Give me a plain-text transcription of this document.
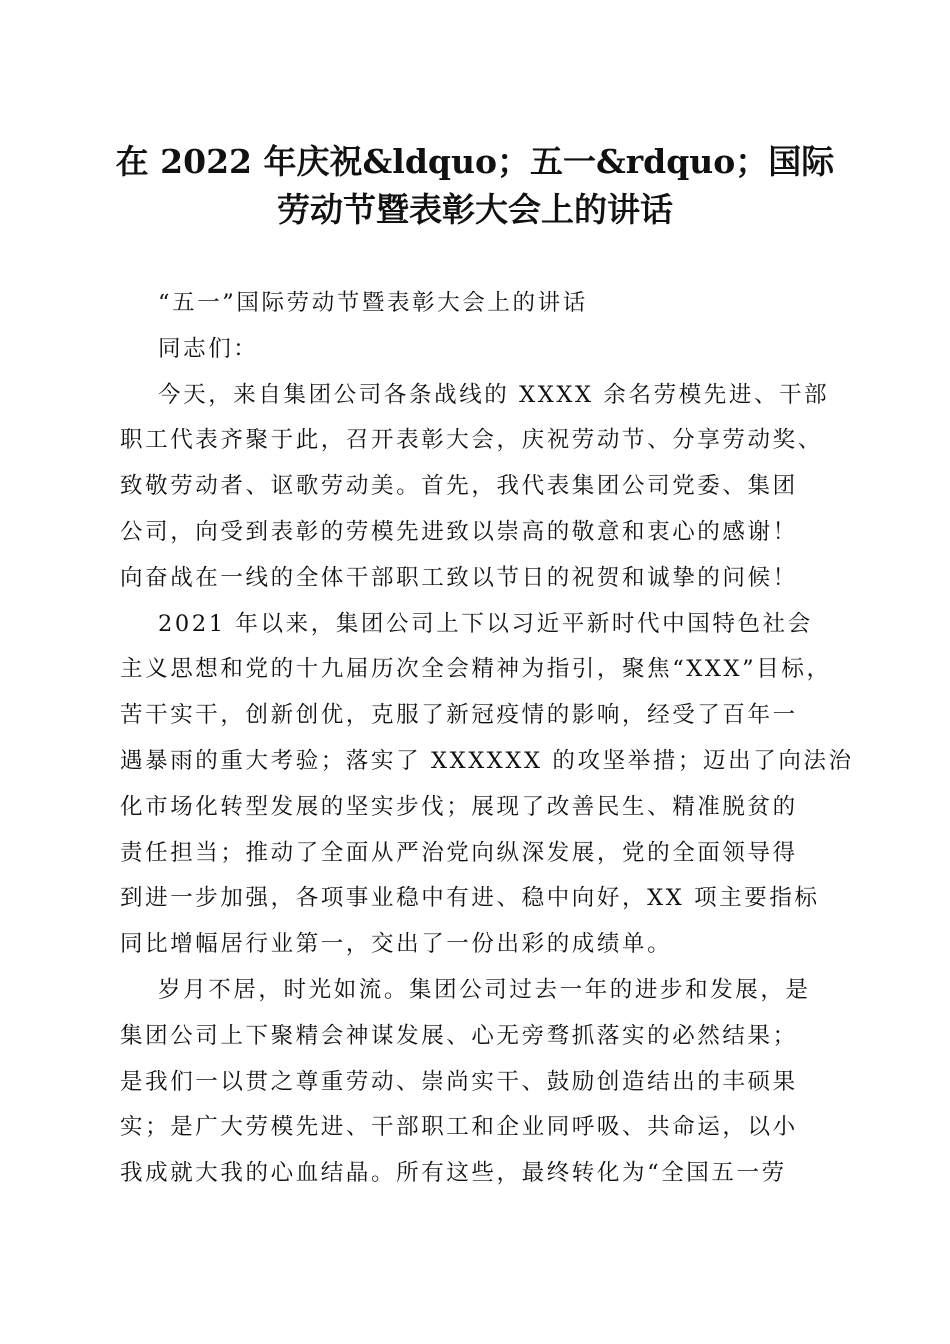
在 2022 年庆祝&ldquo；五一&rdquo；国际
劳动节暨表彰大会上的讲话
“五一”国际劳动节暨表彰大会上的讲话
同志们：
今天，来自集团公司各条战线的 XXXX 余名劳模先进、干部
职工代表齐聚于此，召开表彰大会，庆祝劳动节、分享劳动奖、
致敬劳动者、讴歌劳动美。首先，我代表集团公司党委、集团
公司，向受到表彰的劳模先进致以崇高的敬意和衷心的感谢！
向奋战在一线的全体干部职工致以节日的祝贺和诚挚的问候！
2021 年以来，集团公司上下以习近平新时代中国特色社会
主义思想和党的十九届历次全会精神为指引，聚焦“XXX”目标，
苦干实干，创新创优，克服了新冠疫情的影响，经受了百年一
遇暴雨的重大考验；落实了 XXXXXX 的攻坚举措；迈出了向法治
化市场化转型发展的坚实步伐；展现了改善民生、精准脱贫的
责任担当；推动了全面从严治党向纵深发展，党的全面领导得
到进一步加强，各项事业稳中有进、稳中向好，XX 项主要指标
同比增幅居行业第一，交出了一份出彩的成绩单。
岁月不居，时光如流。集团公司过去一年的进步和发展，是
集团公司上下聚精会神谋发展、心无旁骛抓落实的必然结果；
是我们一以贯之尊重劳动、崇尚实干、鼓励创造结出的丰硕果
实；是广大劳模先进、干部职工和企业同呼吸、共命运，以小
我成就大我的心血结晶。所有这些，最终转化为“全国五一劳
